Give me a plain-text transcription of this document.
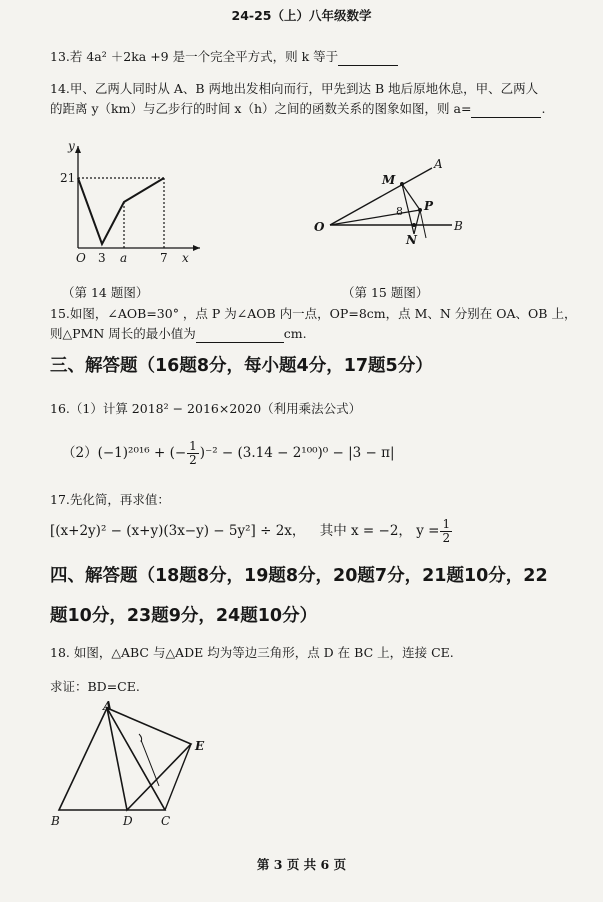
24-25（上）八年级数学
13.若 4a² ＋2ka +9 是一个完全平方式，则 k 等于
14.甲、乙两人同时从 A、B 两地出发相向而行，甲先到达 B 地后原地休息，甲、乙两人
的距离 y（km）与乙步行的时间 x（h）之间的函数关系的图象如图，则 a=	.
y
21
O 3 a	7 x
M
A
O
P
B
N
8
（第 14 题图）	（第 15 题图）
15.如图，∠AOB=30° ，点 P 为∠AOB 内一点，OP=8cm，点 M、N 分别在 OA、OB 上，
则△PMN 周长的最小值为	cm.
三、解答题（16题8分，每小题4分，17题5分）
16.（1）计算 2018² − 2016×2020（利用乘法公式）
（2）(−1)²⁰¹⁶ + (− $\frac{1}{2} )^{-2} - (3.14 - 2^{100})^0 - |3 - \pi|$
17.先化简，再求值：
[(x+2y)² − (x+y)(3x−y) − 5y²] ÷ 2x， 其中 x = −2， $y = \frac{1}{2}$
四、解答题（18题8分，19题8分，20题7分，21题10分，22
题10分，23题9分，24题10分）
18. 如图，△ABC 与△ADE 均为等边三角形，点 D 在 BC 上，连接 CE.
求证：BD=CE.
A
E
B	D C
第 3 页 共 6 页
